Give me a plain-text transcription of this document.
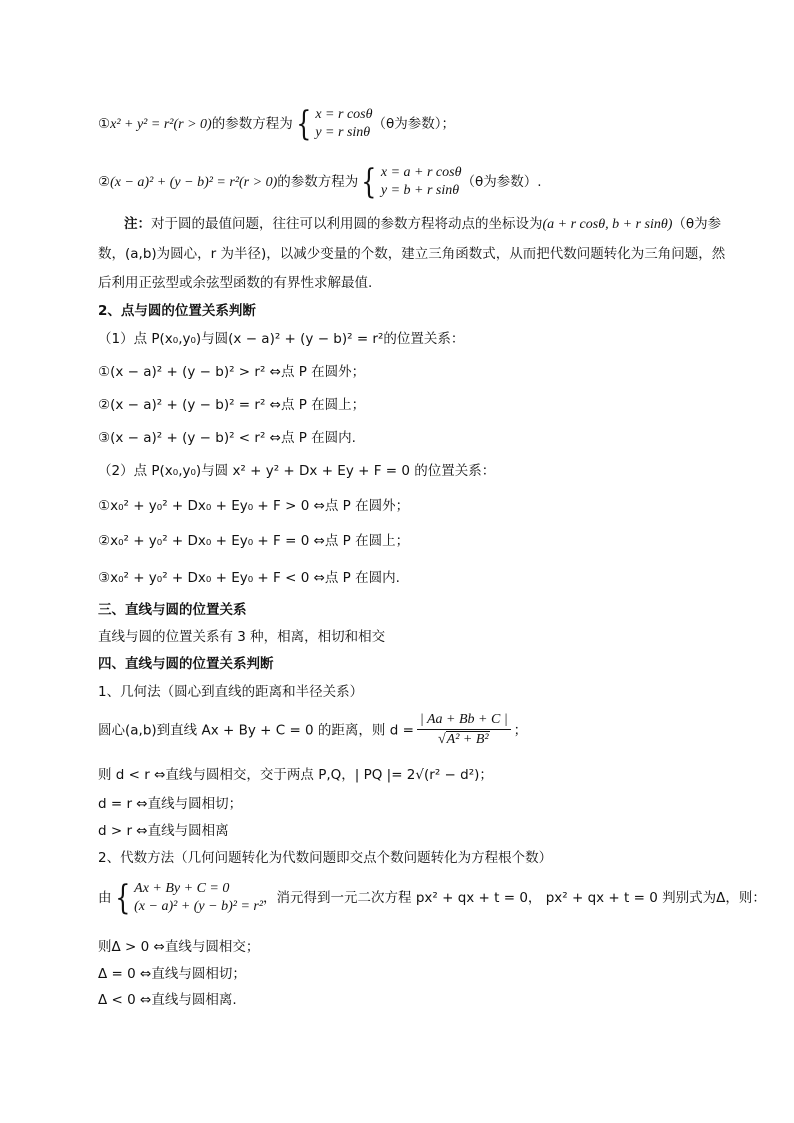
①x² + y² = r²(r > 0)的参数方程为 { x = r cosθ
y = r sinθ
（θ为参数）；
②(x − a)² + (y − b)² = r²(r > 0)的参数方程为 { x = a + r cosθ
y = b + r sinθ
（θ为参数）.
注：对于圆的最值问题，往往可以利用圆的参数方程将动点的坐标设为(a + r cosθ, b + r sinθ)（θ为参
数，(a,b)为圆心，r 为半径)，以减少变量的个数，建立三角函数式，从而把代数问题转化为三角问题，然
后利用正弦型或余弦型函数的有界性求解最值.
2、点与圆的位置关系判断
（1）点 P(x₀,y₀)与圆(x − a)² + (y − b)² = r²的位置关系：
①(x − a)² + (y − b)² > r² ⇔点 P 在圆外；
②(x − a)² + (y − b)² = r² ⇔点 P 在圆上；
③(x − a)² + (y − b)² < r² ⇔点 P 在圆内.
（2）点 P(x₀,y₀)与圆 x² + y² + Dx + Ey + F = 0 的位置关系：
①x₀² + y₀² + Dx₀ + Ey₀ + F > 0 ⇔点 P 在圆外；
②x₀² + y₀² + Dx₀ + Ey₀ + F = 0 ⇔点 P 在圆上；
③x₀² + y₀² + Dx₀ + Ey₀ + F < 0 ⇔点 P 在圆内.
三、直线与圆的位置关系
直线与圆的位置关系有 3 种，相离，相切和相交
四、直线与圆的位置关系判断
1、几何法（圆心到直线的距离和半径关系）
圆心(a,b)到直线 Ax + By + C = 0 的距离，则 $d = \frac{| Aa + Bb + C |}{\text{√A² + B²}}$ ；
则 d < r ⇔直线与圆相交，交于两点 P,Q，| PQ |= 2√(r² − d²)；
d = r ⇔直线与圆相切；
d > r ⇔直线与圆相离
2、代数方法（几何问题转化为代数问题即交点个数问题转化为方程根个数）
由 { Ax + By + C = 0
(x − a)² + (y − b)² = r²
，消元得到一元二次方程 px² + qx + t = 0， px² + qx + t = 0 判别式为Δ，则：
则Δ > 0 ⇔直线与圆相交；
Δ = 0 ⇔直线与圆相切；
Δ < 0 ⇔直线与圆相离.
